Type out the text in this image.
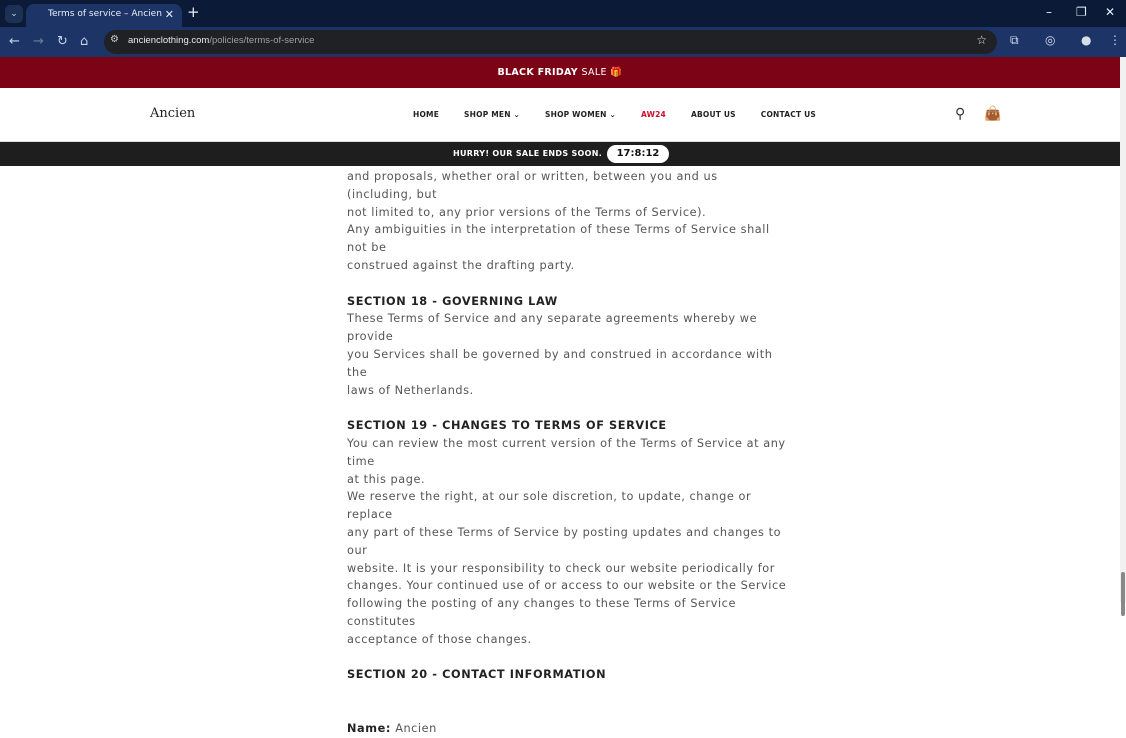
⌄	Terms of service – Ancien ✕ +	– ❐ ✕
← → ↻ ⌂ ⚙ ancienclothing.com/policies/terms-of-service	☆ ⧉ ◎ ● ⋮
BLACK FRIDAY SALE 🎁
Ancien	HOME	SHOP MEN ⌄	SHOP WOMEN ⌄	AW24	ABOUT US	CONTACT US	⚲ 👜
HURRY! OUR SALE ENDS SOON.	17:8:12
and proposals, whether oral or written, between you and us (including, but
not limited to, any prior versions of the Terms of Service).
Any ambiguities in the interpretation of these Terms of Service shall not be
construed against the drafting party.
SECTION 18 - GOVERNING LAW
These Terms of Service and any separate agreements whereby we provide
you Services shall be governed by and construed in accordance with the
laws of Netherlands.
SECTION 19 - CHANGES TO TERMS OF SERVICE
You can review the most current version of the Terms of Service at any time
at this page.
We reserve the right, at our sole discretion, to update, change or replace
any part of these Terms of Service by posting updates and changes to our
website. It is your responsibility to check our website periodically for
changes. Your continued use of or access to our website or the Service
following the posting of any changes to these Terms of Service constitutes
acceptance of those changes.
SECTION 20 - CONTACT INFORMATION
Name: Ancien
